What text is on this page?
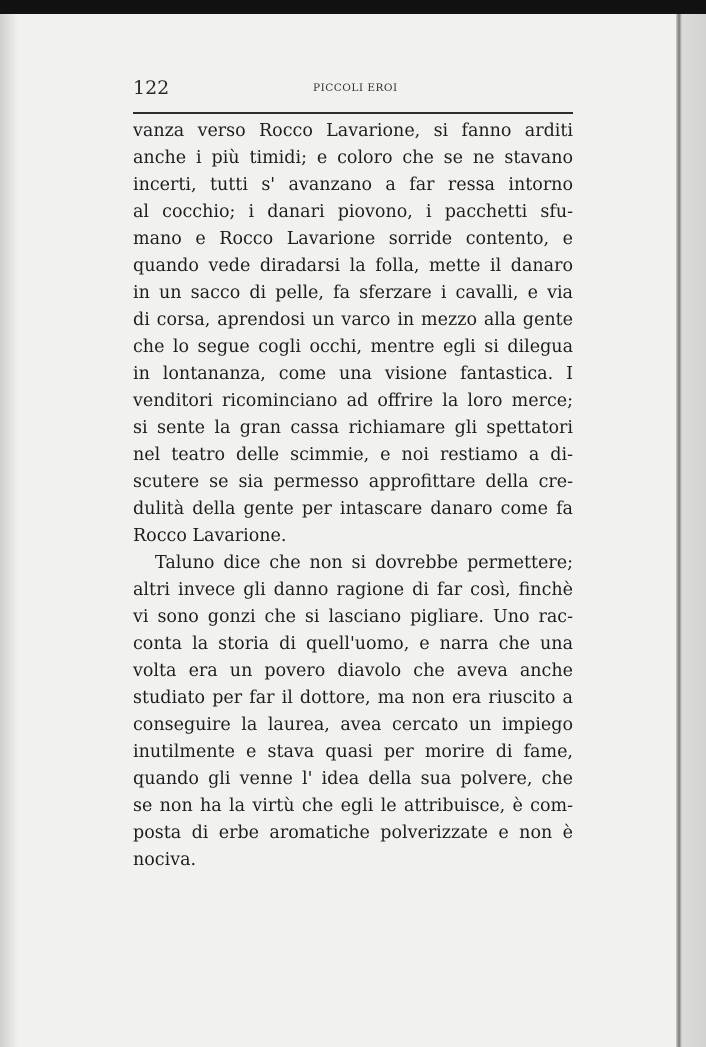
122	PICCOLI EROI
vanza verso Rocco Lavarione, si fanno arditi
anche i più timidi; e coloro che se ne stavano
incerti, tutti s' avanzano a far ressa intorno
al cocchio; i danari piovono, i pacchetti sfu-
mano e Rocco Lavarione sorride contento, e
quando vede diradarsi la folla, mette il danaro
in un sacco di pelle, fa sferzare i cavalli, e via
di corsa, aprendosi un varco in mezzo alla gente
che lo segue cogli occhi, mentre egli si dilegua
in lontananza, come una visione fantastica. I
venditori ricominciano ad offrire la loro merce;
si sente la gran cassa richiamare gli spettatori
nel teatro delle scimmie, e noi restiamo a di-
scutere se sia permesso approfittare della cre-
dulità della gente per intascare danaro come fa
Rocco Lavarione.
Taluno dice che non si dovrebbe permettere;
altri invece gli danno ragione di far così, finchè
vi sono gonzi che si lasciano pigliare. Uno rac-
conta la storia di quell'uomo, e narra che una
volta era un povero diavolo che aveva anche
studiato per far il dottore, ma non era riuscito a
conseguire la laurea, avea cercato un impiego
inutilmente e stava quasi per morire di fame,
quando gli venne l' idea della sua polvere, che
se non ha la virtù che egli le attribuisce, è com-
posta di erbe aromatiche polverizzate e non è
nociva.
